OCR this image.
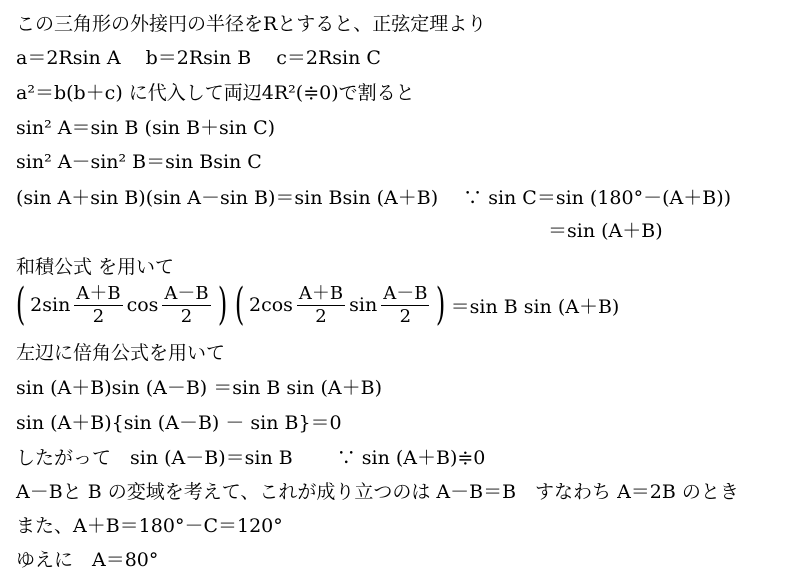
この三角形の外接円の半径をRとすると、正弦定理より
a＝2Rsin A　 b＝2Rsin B　 c＝2Rsin C
a²＝b(b＋c) に代入して両辺4R²(≑0)で割ると
sin² A＝sin B (sin B＋sin C)
sin² A－sin² B＝sin Bsin C
(sin A＋sin B)(sin A－sin B)＝sin Bsin (A＋B)　 ∵ sin C＝sin (180°－(A＋B))
＝sin (A＋B)
和積公式 を用いて
( $2\sin \frac{A+B}{2}$ $\cos \frac{A-B}{2}$ ) ( $2\cos \frac{A+B}{2}$ $\sin \frac{A-B}{2}$ ) ＝sin B sin (A＋B)
左辺に倍角公式を用いて
sin (A＋B)sin (A－B) ＝sin B sin (A＋B)
sin (A＋B){sin (A－B) － sin B}＝0
したがって　sin (A－B)＝sin B　　 ∵ sin (A＋B)≑0
A－Bと B の変域を考えて、これが成り立つのは A－B＝B　すなわち A＝2B のとき
また、A＋B＝180°－C＝120°
ゆえに　A＝80°
